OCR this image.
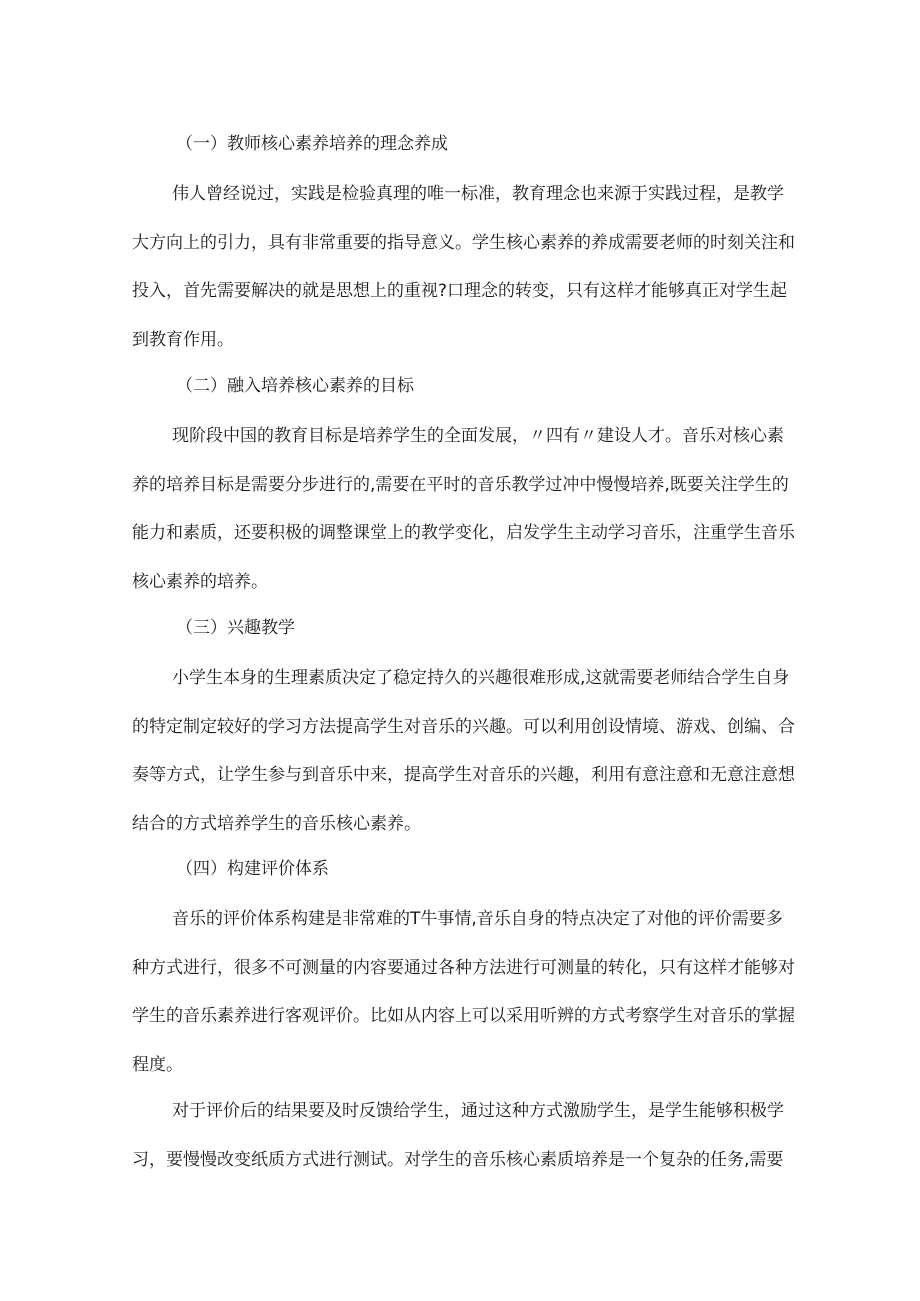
（一）教师核心素养培养的理念养成
伟人曾经说过，实践是检验真理的唯一标准，教育理念也来源于实践过程，是教学
大方向上的引力，具有非常重要的指导意义。学生核心素养的养成需要老师的时刻关注和
投入，首先需要解决的就是思想上的重视?口理念的转变，只有这样才能够真正对学生起
到教育作用。
（二）融入培养核心素养的目标
现阶段中国的教育目标是培养学生的全面发展，〃四有〃建设人才。音乐对核心素
养的培养目标是需要分步进行的,需要在平时的音乐教学过冲中慢慢培养,既要关注学生的
能力和素质，还要积极的调整课堂上的教学变化，启发学生主动学习音乐，注重学生音乐
核心素养的培养。
（三）兴趣教学
小学生本身的生理素质决定了稳定持久的兴趣很难形成,这就需要老师结合学生自身
的特定制定较好的学习方法提高学生对音乐的兴趣。可以利用创设情境、游戏、创编、合
奏等方式，让学生参与到音乐中来，提高学生对音乐的兴趣，利用有意注意和无意注意想
结合的方式培养学生的音乐核心素养。
（四）构建评价体系
音乐的评价体系构建是非常难的T牛事情,音乐自身的特点决定了对他的评价需要多
种方式进行，很多不可测量的内容要通过各种方法进行可测量的转化，只有这样才能够对
学生的音乐素养进行客观评价。比如从内容上可以采用听辨的方式考察学生对音乐的掌握
程度。
对于评价后的结果要及时反馈给学生，通过这种方式激励学生，是学生能够积极学
习，要慢慢改变纸质方式进行测试。对学生的音乐核心素质培养是一个复杂的任务,需要
